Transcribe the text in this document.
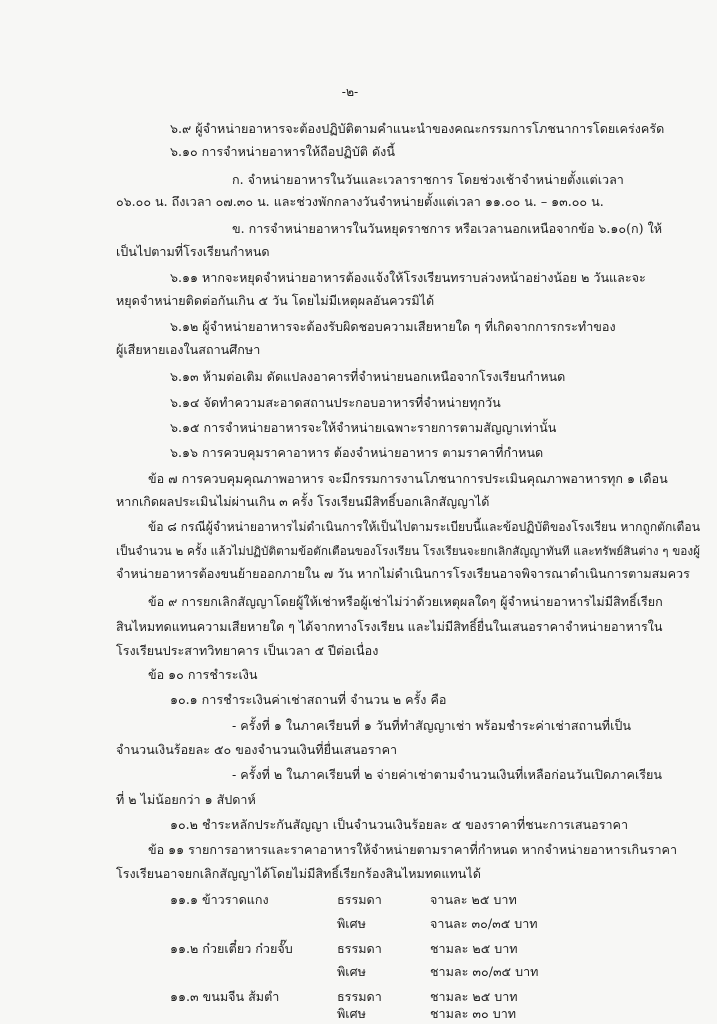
-๒-
๖.๙ ผู้จำหน่ายอาหารจะต้องปฏิบัติตามคำแนะนำของคณะกรรมการโภชนาการโดยเคร่งครัด
๖.๑๐ การจำหน่ายอาหารให้ถือปฏิบัติ ดังนี้
ก. จำหน่ายอาหารในวันและเวลาราชการ โดยช่วงเช้าจำหน่ายตั้งแต่เวลา
๐๖.๐๐ น. ถึงเวลา ๐๗.๓๐ น. และช่วงพักกลางวันจำหน่ายตั้งแต่เวลา ๑๑.๐๐ น. – ๑๓.๐๐ น.
ข. การจำหน่ายอาหารในวันหยุดราชการ หรือเวลานอกเหนือจากข้อ ๖.๑๐(ก) ให้
เป็นไปตามที่โรงเรียนกำหนด
๖.๑๑ หากจะหยุดจำหน่ายอาหารต้องแจ้งให้โรงเรียนทราบล่วงหน้าอย่างน้อย ๒ วันและจะ
หยุดจำหน่ายติดต่อกันเกิน ๕ วัน โดยไม่มีเหตุผลอันควรมิได้
๖.๑๒ ผู้จำหน่ายอาหารจะต้องรับผิดชอบความเสียหายใด ๆ ที่เกิดจากการกระทำของ
ผู้เสียหายเองในสถานศึกษา
๖.๑๓ ห้ามต่อเติม ดัดแปลงอาคารที่จำหน่ายนอกเหนือจากโรงเรียนกำหนด
๖.๑๔ จัดทำความสะอาดสถานประกอบอาหารที่จำหน่ายทุกวัน
๖.๑๕ การจำหน่ายอาหารจะให้จำหน่ายเฉพาะรายการตามสัญญาเท่านั้น
๖.๑๖ การควบคุมราคาอาหาร ต้องจำหน่ายอาหาร ตามราคาที่กำหนด
ข้อ ๗ การควบคุมคุณภาพอาหาร จะมีกรรมการงานโภชนาการประเมินคุณภาพอาหารทุก ๑ เดือน
หากเกิดผลประเมินไม่ผ่านเกิน ๓ ครั้ง โรงเรียนมีสิทธิ์บอกเลิกสัญญาได้
ข้อ ๘ กรณีผู้จำหน่ายอาหารไม่ดำเนินการให้เป็นไปตามระเบียบนี้และข้อปฏิบัติของโรงเรียน หากถูกตักเตือน
เป็นจำนวน ๒ ครั้ง แล้วไม่ปฏิบัติตามข้อตักเตือนของโรงเรียน โรงเรียนจะยกเลิกสัญญาทันที และทรัพย์สินต่าง ๆ ของผู้
จำหน่ายอาหารต้องขนย้ายออกภายใน ๗ วัน หากไม่ดำเนินการโรงเรียนอาจพิจารณาดำเนินการตามสมควร
ข้อ ๙ การยกเลิกสัญญาโดยผู้ให้เช่าหรือผู้เช่าไม่ว่าด้วยเหตุผลใดๆ ผู้จำหน่ายอาหารไม่มีสิทธิ์เรียก
สินไหมทดแทนความเสียหายใด ๆ ได้จากทางโรงเรียน และไม่มีสิทธิ์ยื่นในเสนอราคาจำหน่ายอาหารใน
โรงเรียนประสาทวิทยาคาร เป็นเวลา ๕ ปีต่อเนื่อง
ข้อ ๑๐ การชำระเงิน
๑๐.๑ การชำระเงินค่าเช่าสถานที่ จำนวน ๒ ครั้ง คือ
- ครั้งที่ ๑ ในภาคเรียนที่ ๑ วันที่ทำสัญญาเช่า พร้อมชำระค่าเช่าสถานที่เป็น
จำนวนเงินร้อยละ ๕๐ ของจำนวนเงินที่ยื่นเสนอราคา
- ครั้งที่ ๒ ในภาคเรียนที่ ๒ จ่ายค่าเช่าตามจำนวนเงินที่เหลือก่อนวันเปิดภาคเรียน
ที่ ๒ ไม่น้อยกว่า ๑ สัปดาห์
๑๐.๒ ชำระหลักประกันสัญญา เป็นจำนวนเงินร้อยละ ๕ ของราคาที่ชนะการเสนอราคา
ข้อ ๑๑ รายการอาหารและราคาอาหารให้จำหน่ายตามราคาที่กำหนด หากจำหน่ายอาหารเกินราคา
โรงเรียนอาจยกเลิกสัญญาได้โดยไม่มีสิทธิ์เรียกร้องสินไหมทดแทนได้
๑๑.๑ ข้าวราดแกง	ธรรมดา	จานละ ๒๕ บาท
พิเศษ	จานละ ๓๐/๓๕ บาท
๑๑.๒ ก๋วยเตี๋ยว ก๋วยจั๊บ	ธรรมดา	ชามละ ๒๕ บาท
พิเศษ	ชามละ ๓๐/๓๕ บาท
๑๑.๓ ขนมจีน ส้มตำ	ธรรมดา	ชามละ ๒๕ บาท
พิเศษ	ชามละ ๓๐ บาท
